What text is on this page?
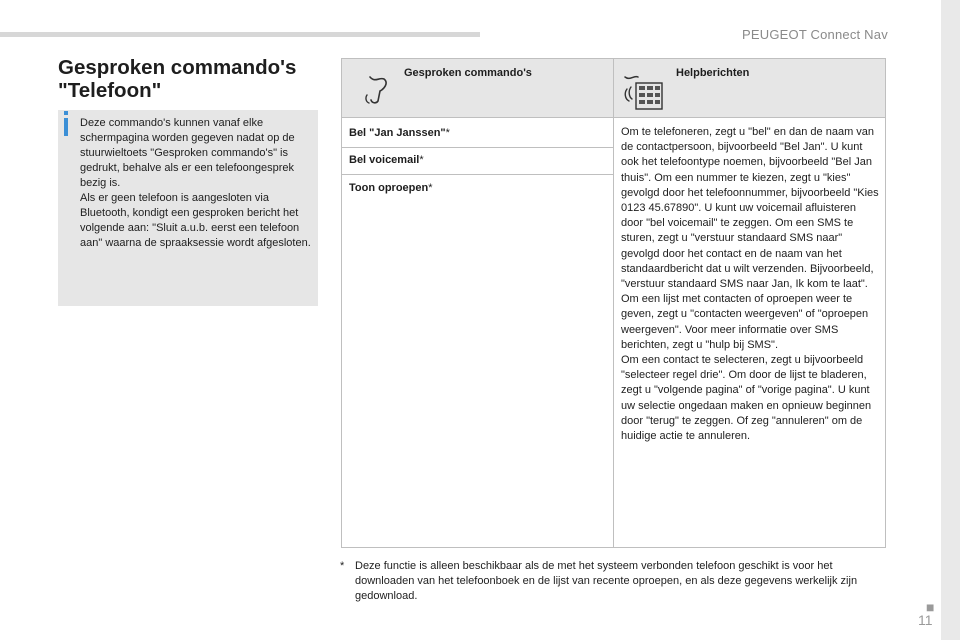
PEUGEOT Connect Nav
■
11
Gesproken commando's "Telefoon"
Deze commando's kunnen vanaf elke schermpagina worden gegeven nadat op de stuurwieltoets "Gesproken commando's" is gedrukt, behalve als er een telefoongesprek bezig is.
Als er geen telefoon is aangesloten via Bluetooth, kondigt een gesproken bericht het volgende aan: "Sluit a.u.b. eerst een telefoon aan" waarna de spraaksessie wordt afgesloten.
Gesproken commando's	Helpberichten
Bel "Jan Janssen"*
Bel voicemail*
Toon oproepen*
Om te telefoneren, zegt u "bel" en dan de naam van de contactpersoon, bijvoorbeeld "Bel Jan". U kunt ook het telefoontype noemen, bijvoorbeeld "Bel Jan thuis". Om een nummer te kiezen, zegt u "kies" gevolgd door het telefoonnummer, bijvoorbeeld "Kies 0123 45.67890". U kunt uw voicemail afluisteren door "bel voicemail" te zeggen. Om een SMS te sturen, zegt u "verstuur standaard SMS naar" gevolgd door het contact en de naam van het standaardbericht dat u wilt verzenden. Bijvoorbeeld, "verstuur standaard SMS naar Jan, Ik kom te laat". Om een lijst met contacten of oproepen weer te geven, zegt u "contacten weergeven" of "oproepen weergeven". Voor meer informatie over SMS berichten, zegt u "hulp bij SMS".
Om een contact te selecteren, zegt u bijvoorbeeld "selecteer regel drie". Om door de lijst te bladeren, zegt u "volgende pagina" of "vorige pagina". U kunt uw selectie ongedaan maken en opnieuw beginnen door "terug" te zeggen. Of zeg "annuleren" om de huidige actie te annuleren.
* Deze functie is alleen beschikbaar als de met het systeem verbonden telefoon geschikt is voor het downloaden van het telefoonboek en de lijst van recente oproepen, en als deze gegevens werkelijk zijn gedownload.
